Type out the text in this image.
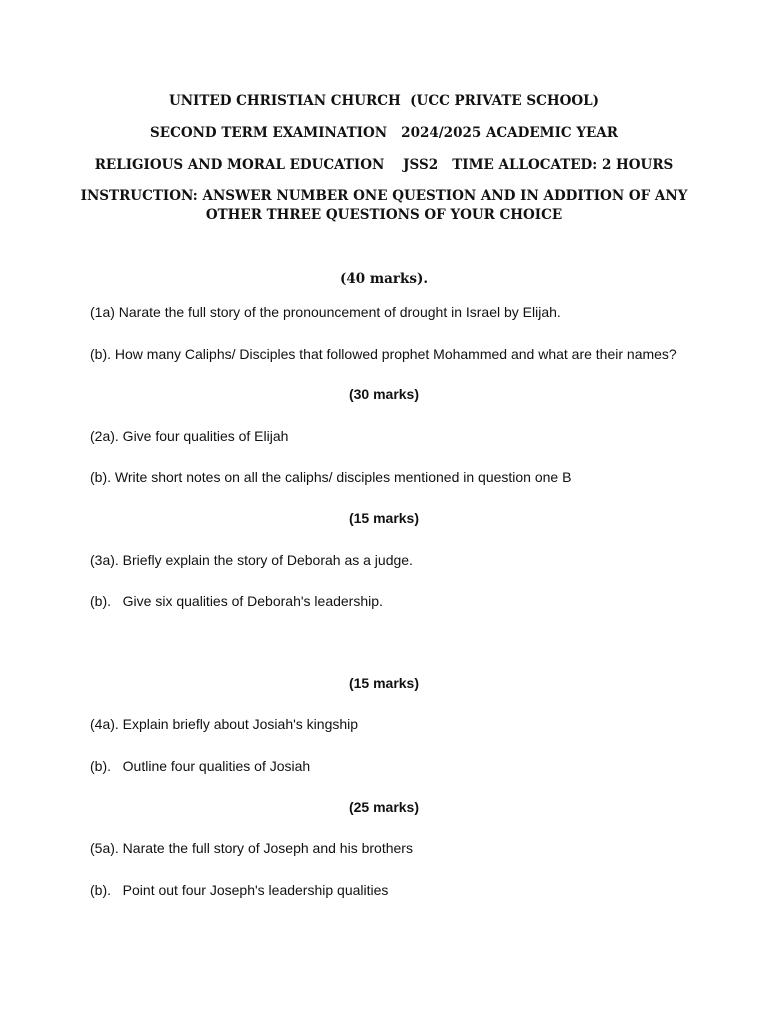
UNITED CHRISTIAN CHURCH  (UCC PRIVATE SCHOOL)
SECOND TERM EXAMINATION   2024/2025 ACADEMIC YEAR
RELIGIOUS AND MORAL EDUCATION    JSS2   TIME ALLOCATED: 2 HOURS
INSTRUCTION: ANSWER NUMBER ONE QUESTION AND IN ADDITION OF ANY OTHER THREE QUESTIONS OF YOUR CHOICE
(40 marks).
(1a) Narate the full story of the pronouncement of drought in Israel by Elijah.
(b). How many Caliphs/ Disciples that followed prophet Mohammed and what are their names?
(30 marks)
(2a). Give four qualities of Elijah
(b). Write short notes on all the caliphs/ disciples mentioned in question one B
(15 marks)
(3a). Briefly explain the story of Deborah as a judge.
(b).   Give six qualities of Deborah's leadership.
(15 marks)
(4a). Explain briefly about Josiah's kingship
(b).   Outline four qualities of Josiah
(25 marks)
(5a). Narate the full story of Joseph and his brothers
(b).   Point out four Joseph's leadership qualities
